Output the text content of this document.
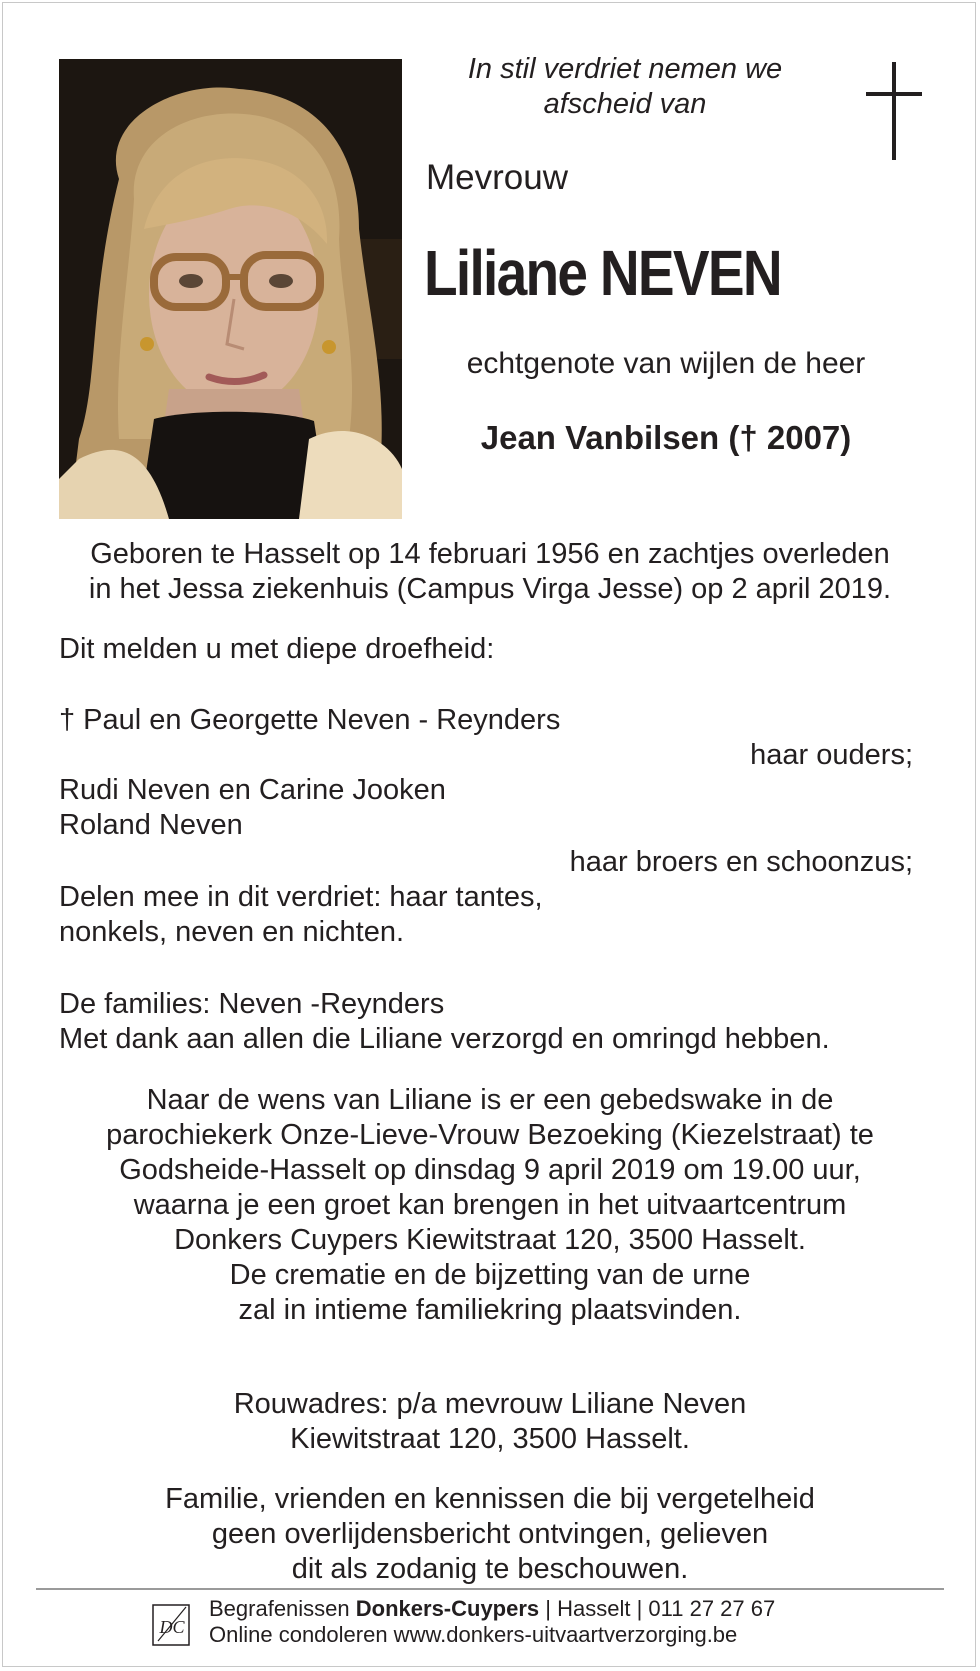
In stil verdriet nemen we
afscheid van
Mevrouw
Liliane NEVEN
echtgenote van wijlen de heer
Jean Vanbilsen († 2007)
Geboren te Hasselt op 14 februari 1956 en zachtjes overleden
in het Jessa ziekenhuis (Campus Virga Jesse) op 2 april 2019.
Dit melden u met diepe droefheid:
† Paul en Georgette Neven - Reynders
haar ouders;
Rudi Neven en Carine Jooken
Roland Neven
haar broers en schoonzus;
Delen mee in dit verdriet: haar tantes,
nonkels, neven en nichten.
De families: Neven -Reynders
Met dank aan allen die Liliane verzorgd en omringd hebben.
Naar de wens van Liliane is er een gebedswake in de
parochiekerk Onze-Lieve-Vrouw Bezoeking (Kiezelstraat) te
Godsheide-Hasselt op dinsdag 9 april 2019 om 19.00 uur,
waarna je een groet kan brengen in het uitvaartcentrum
Donkers Cuypers Kiewitstraat 120, 3500 Hasselt.
De crematie en de bijzetting van de urne
zal in intieme familiekring plaatsvinden.
Rouwadres: p/a mevrouw Liliane Neven
Kiewitstraat 120, 3500 Hasselt.
Familie, vrienden en kennissen die bij vergetelheid
geen overlijdensbericht ontvingen, gelieven
dit als zodanig te beschouwen.
DC
Begrafenissen Donkers-Cuypers | Hasselt | 011 27 27 67
Online condoleren www.donkers-uitvaartverzorging.be
